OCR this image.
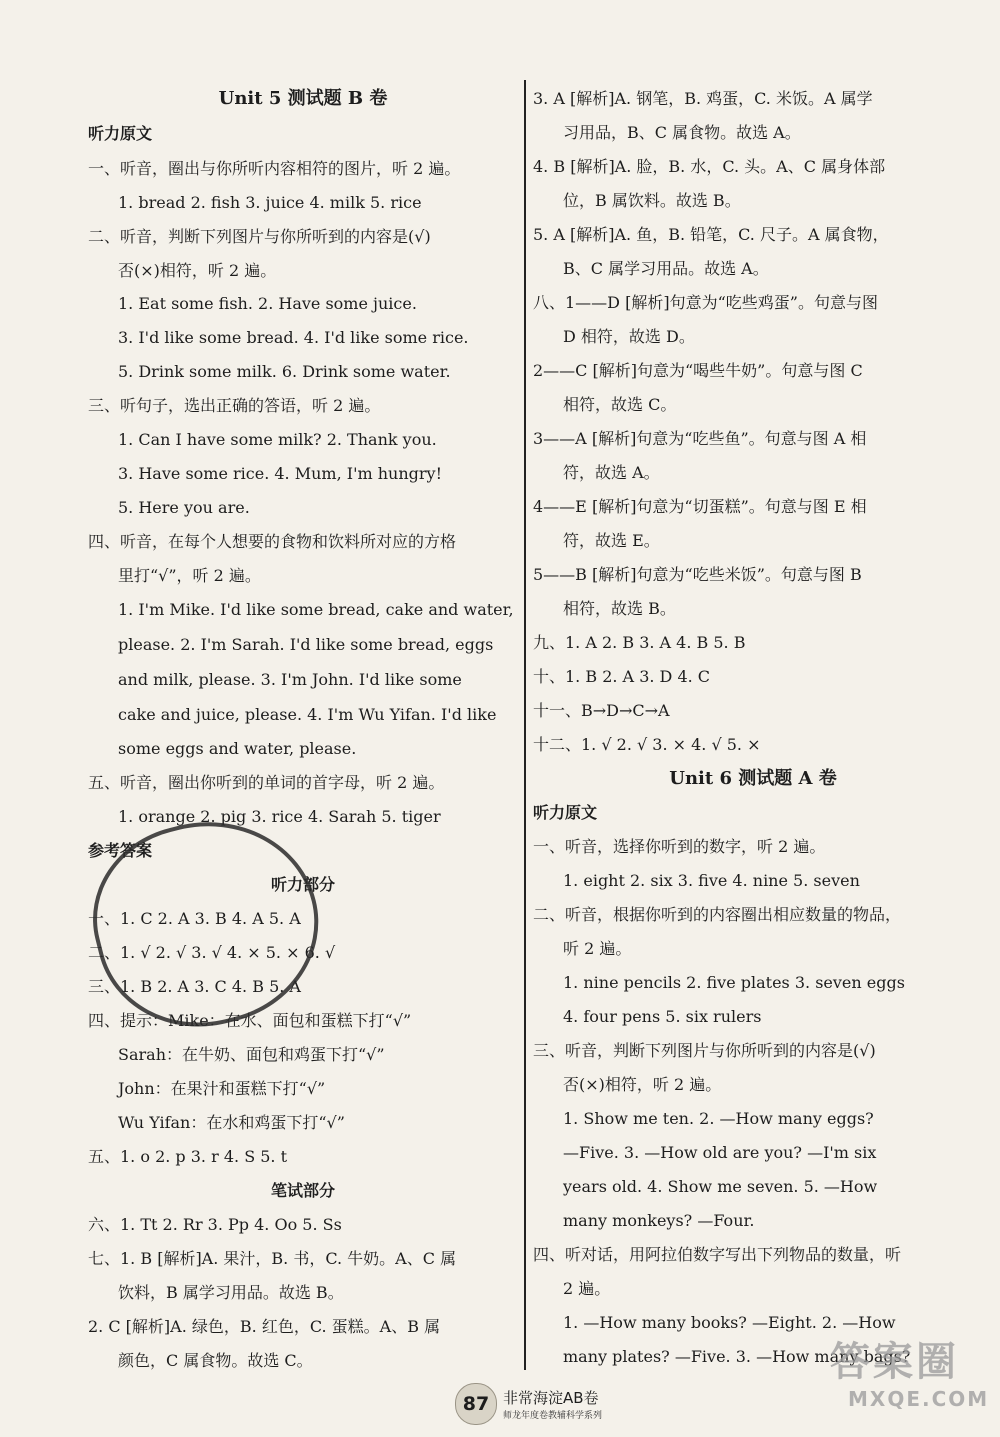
Unit 5 测试题 B 卷
听力原文
一、听音，圈出与你所听内容相符的图片，听 2 遍。
1. bread 2. fish 3. juice 4. milk 5. rice
二、听音，判断下列图片与你所听到的内容是(√)
否(×)相符，听 2 遍。
1. Eat some fish. 2. Have some juice.
3. I'd like some bread. 4. I'd like some rice.
5. Drink some milk. 6. Drink some water.
三、听句子，选出正确的答语，听 2 遍。
1. Can I have some milk? 2. Thank you.
3. Have some rice. 4. Mum, I'm hungry!
5. Here you are.
四、听音，在每个人想要的食物和饮料所对应的方格
里打“√”，听 2 遍。
1. I'm Mike. I'd like some bread, cake and water,
please. 2. I'm Sarah. I'd like some bread, eggs
and milk, please. 3. I'm John. I'd like some
cake and juice, please. 4. I'm Wu Yifan. I'd like
some eggs and water, please.
五、听音，圈出你听到的单词的首字母，听 2 遍。
1. orange 2. pig 3. rice 4. Sarah 5. tiger
参考答案
听力部分
一、1. C 2. A 3. B 4. A 5. A
二、1. √ 2. √ 3. √ 4. × 5. × 6. √
三、1. B 2. A 3. C 4. B 5. A
四、提示：Mike：在水、面包和蛋糕下打“√”
Sarah：在牛奶、面包和鸡蛋下打“√”
John：在果汁和蛋糕下打“√”
Wu Yifan：在水和鸡蛋下打“√”
五、1. o 2. p 3. r 4. S 5. t
笔试部分
六、1. Tt 2. Rr 3. Pp 4. Oo 5. Ss
七、1. B [解析]A. 果汁，B. 书，C. 牛奶。A、C 属
饮料，B 属学习用品。故选 B。
2. C [解析]A. 绿色，B. 红色，C. 蛋糕。A、B 属
颜色，C 属食物。故选 C。
3. A [解析]A. 钢笔，B. 鸡蛋，C. 米饭。A 属学
习用品，B、C 属食物。故选 A。
4. B [解析]A. 脸，B. 水，C. 头。A、C 属身体部
位，B 属饮料。故选 B。
5. A [解析]A. 鱼，B. 铅笔，C. 尺子。A 属食物，
B、C 属学习用品。故选 A。
八、1——D [解析]句意为“吃些鸡蛋”。句意与图
D 相符，故选 D。
2——C [解析]句意为“喝些牛奶”。句意与图 C
相符，故选 C。
3——A [解析]句意为“吃些鱼”。句意与图 A 相
符，故选 A。
4——E [解析]句意为“切蛋糕”。句意与图 E 相
符，故选 E。
5——B [解析]句意为“吃些米饭”。句意与图 B
相符，故选 B。
九、1. A 2. B 3. A 4. B 5. B
十、1. B 2. A 3. D 4. C
十一、B→D→C→A
十二、1. √ 2. √ 3. × 4. √ 5. ×
Unit 6 测试题 A 卷
听力原文
一、听音，选择你听到的数字，听 2 遍。
1. eight 2. six 3. five 4. nine 5. seven
二、听音，根据你听到的内容圈出相应数量的物品，
听 2 遍。
1. nine pencils 2. five plates 3. seven eggs
4. four pens 5. six rulers
三、听音，判断下列图片与你所听到的内容是(√)
否(×)相符，听 2 遍。
1. Show me ten. 2. —How many eggs?
—Five. 3. —How old are you? —I'm six
years old. 4. Show me seven. 5. —How
many monkeys? —Four.
四、听对话，用阿拉伯数字写出下列物品的数量，听
2 遍。
1. —How many books? —Eight. 2. —How
many plates? —Five. 3. —How many bags?
87 非常海淀AB卷
师龙年度卷教辅科学系列
答案圈
MXQE.COM
